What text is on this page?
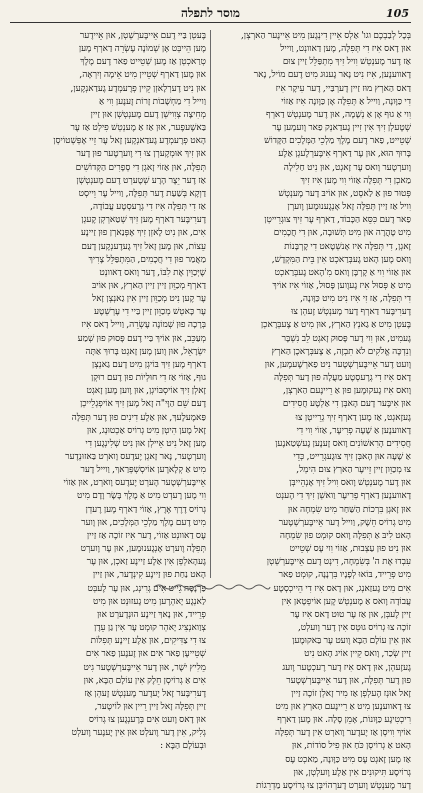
105
מוסר לתפלה
בְּכָל לְבַבְכֶם וגו' אַלְס אֵיין דִינְגֶען מִיט אֵיינֶער הַארְצְן,
אוּן דָאס אִיז דִי תְּפִלָּה, מֶען דַאוונְט, וַוייל
אַז דֶער מֶענְטְשׁ וִויל זִיךְ מִתְפַּלֵּל זַיין צוּם
דָאווענֶען, אִיז נִיט נָאר גֶענוּג מִיט דֶעם מוֹיל, נָאר
דַאס הַארְץ מוּז זַיין דֶערְבַּיי, דֶער עִיקָר אִיז
דִי כַּוָּונָה, וַוייל אַ תְּפִלָּה אָן כַּוָּונָה אִיז אַזוֹי
וִוי אַ גוּף אָן אַ נְשָׁמָה, אוּן דֶער מֶענְטְשׁ דַארְף
שְׁטֶעלְן זִיךְ אִין זִיין גֶעדַאנְק פַאר וֶועמֶען עֶר
שְׁטֵייט, פַאר דֶעם מֶלֶךְ מַלְכֵי הַמְּלָכִים הַקָּדוֹשׁ
בָּרוּךְ הוּא, אוּן עֶר דַארְף אִיבֶּערְלֶעגְן אַלֶע
וֶוערְטֶער וָואס עֶר זָאגְט, אוּן נִיט חַלִילָה
מַאכְן דִי תְּפִלָּה אַזוֹי וִוי מֶען אִיז זִיךְ
פְּטוּר פוּן אַ לַאסְט, אוּן אוֹיבּ דֶער מֶענְטְשׁ
וִויל אַז זַיין תְּפִלָּה זָאל אָנְגֶענוּמֶען וֶוערְן
פַאר דֶעם כִּסֵּא הַכָּבוֹד, דַארְף עֶר זִיךְ צוּגְרֵייטְן
מִיט טָהֳרָה אוּן מִיט תְּשׁוּבָה, אוּן דִי חֲכָמִים
זָאגְן, דִי תְּפִלָּה אִיז אָנשְׁטָאט דִי קָרְבָּנוֹת
וָואס מֶען הָאט גֶעבְּרַאכְט אִין בֵּית הַמִּקְדָשׁ,
אוּן אַזוֹי וִוי אַ קָרְבָּן וָואס מִ'הָאט גֶעבְּרַאכְט
מִיט אַ פְּסוּל אִיז גֶעוֶוען פָּסוּל, אַזוֹי אִיז אוֹיךְ
דִי תְּפִלָּה, אַז זִי אִיז נִיט מִיט כַּוָּונָה,
דֶערִיבֶּער דַארְף דֶער מֶענְטְשׁ זֶעהְן צוּ
בֶּעטְן מִיט אַ גַאנְץ הַארְץ, אוּן מִיט אַ צֶעבְּרָאכְן
גֶעמִיט, אוּן וִוי דֶער פָּסוּק זָאגְט לֵב נִשְׁבָּר
וְנִדְכֶּה אֱלֹקִים לֹא תִבְזֶה, אַ צֶעבְּרָאכֶן הַארְץ
וֶועט דֶער אֵייבֶּערְשְׁטֶער נִיט פַארְשֶׁעמֶען, אוּן
דָאס אִיז דִי גְרֶעסְטֶע מַעֲלָה פוּן דֶער תְּפִלָּה
וָואס אִיז גֶעקוּמֶען פוּן אַ רֵיינֶעם הַארְצְן,
אוּן אִיבֶּער דֶעם הָאבְּן דִי אַלְטֶע חֲסִידִים
גֶעזָאגְט, אַז מֶען דַארְף זִיךְ גְרֵייטְן צוּ
דָאווענֶען אַ שָׁעָה פְרִיעֶר, אַזוֹי וִוי דִי
חֲסִידִים הָרִאשׁוֹנִים וָואס זֶענֶען גֶעשְׁטַאנֶען
אַ שָׁעָה אוּן הָאבְּן זִיךְ צוּגֶעגְרֵייט, כְּדֵי
צוּ מְכַוֵּון זַיין זֵייעֶר הַארְץ צוּם הִימְל,
אוּן דֶער מֶענְטְשׁ וָואס וִויל זִיךְ אָנְהֵייבְּן
דָאווענֶען דַארְף פְרִיעֶר וַואשְׁן זִיךְ דִי הֶענְט
אוּן זָאגְן בִּרְכוֹת הַשַּׁחַר מִיט שִׂמְחָה אוּן
מִיט גְרוֹיס חֵשֶׁק, וַוייל דֶער אֵייבֶּערְשְׁטֶער
הָאט לִיבּ אַ תְּפִלָּה וָואס קוּמְט פוּן שִׂמְחָה
אוּן נִיט פוּן עַצְבוּת, אַזוֹי וִוי עֶס שְׁטֵייט
עִבְדוּ אֶת ה' בְּשִׂמְחָה, דִינְט דֶעם אֵייבֶּערְשְׁטְן
מִיט פְרֵייד, בּוֹאוּ לְפָנָיו בִּרְנָנָה, קוּמְט פַאר
אִים מִיט גֶעזַאנְג, אוּן דָאס אִיז דִי הֵייכְסְטֶע
עֲבוֹדָה וָואס אַ מֶענְטְשׁ קֶען אוֹיפְטָאן אִין
זַיין לֶעבְּן, אוּן אַז עֶר טוּט דָאס אִיז עֶר
זוֹכֶה צוּ גְרוֹיס גוּטְס אִין דֶער וֶועלְט,
אוּן אִין עוֹלָם הַבָּא וֶועט עֶר בַּאקוּמֶען
זַיין שְׂכַר, וָואס קֵיין אוֹיג הָאט נִיט
גֶעזֶעהְן, אוּן דָאס אִיז דֶער רֶעכְטֶער וֶועג
פוּן דֶער תְּפִלָּה, אוּן דֶער אֵייבֶּערְשְׁטֶער
זָאל אוּנְז הֶעלְפְן אַז מִיר זָאלְן זוֹכֶה זַיין
צוּ דָאווענֶען מִיט אַ רֵיינֶעם הַארְץ אוּן מִיט
רִיכְטִיגֶע כַּוָּונוֹת, אָמֵן סֶלָה. אוּן מֶען דַארְף
אוֹיךְ וִויסְן אַז יֶעדֶער וָוארְט אִין דֶער תְּפִלָּה
הָאט אַ גְרוֹיסְן כֹּחַ אוּן פִיל סוֹדוֹת, אוּן
אַז מֶען זָאגְט עֶס מִיט כַּוָּונָה, מַאכְט עֶס
גְרוֹיסֶע תִּיקוּנִים אִין אַלֶע וֶועלְטְן, אוּן
דֶער מֶענְטְשׁ וֶוערְט דֶערְהוֹיבְּן צוּ גְרוֹיסֶע מַדְרֵגוֹת
בֶּעטְן בַּיי דֶעם אֵייבֶּערְשְׁטְן, אוּן אֵיידֶער
מֶען הֵייבְּט אָן שְׁמוֹנֶה עֶשְׂרֵה דַארְף מֶען
טְרַאכְטְן אַז מֶען שְׁטֵייט פַאר דֶעם מֶלֶךְ
אוּן מֶען דַארְף שְׁטֵיין מִיט אֵימָה וְיִרְאָה,
אוּן נִיט דֶערְלָאזְן קֵיין פְרֶעמְדֶע גֶעדַאנְקֶען,
וַוייל דִי מַחְשָׁבוֹת זָרוֹת זֶענֶען וִוי אַ
מְחִיצָה צְוִוישְׁן דֶעם מֶענְטְשְׁן אוּן זַיין
בַּאשֶׁעפֶער, אוּן אַז אַ מֶענְטְשׁ פִילְט אַז עֶר
הָאט פְרֶעמְדֶע גֶעדַאנְקֶען זָאל עֶר זֵיי אָפְּשְׁטוֹיסְן
אוּן זִיךְ אוּמְקֶערְן צוּ דִי וֶוערְטֶער פוּן דֶער
תְּפִלָּה, אוּן אַזוֹי זָאגְן דִי סְפָרִים הַקְּדוֹשִׁים
אַז דֶער יֵצֶר הָרָע שְׁטֶערְט דֶעם מֶענְטְשְׁן
דַוְקָא בְּשַׁעַת דֶער תְּפִלָּה, וַוייל עֶר וֵייסְט
אַז דִי תְּפִלָּה אִיז דִי גְרֶעסְטֶע עֲבוֹדָה,
דֶערִיבֶּער דַארְף מֶען זִיךְ שְׁטַארְקְן קֶעגְן
אִים, אוּן נִיט לָאזְן זִיךְ אָפְּנַארְן פוּן זַיינֶע
עֵצוֹת, אוּן מֶען זָאל זִיךְ גֶעדֶענְקֶען דֶעם
מַאֲמַר פוּן דִי חֲכָמִים, הַמִּתְפַּלֵּל צָרִיךְ
שֶׁיְּכַוֵּין אֶת לִבּוֹ, דֶער וָואס דַאוונְט
דַארְף מְכַוֵּון זַיין זַיין הַארְץ, אוּן אוֹיבּ
עֶר קֶען נִיט מְכַוֵּון זַיין אִין גַאנְצְן זָאל
עֶר כָּאטְשׁ מְכַוֵּון זַיין בַּיי דִי עֶרְשְׁטֶע
בְּרָכָה פוּן שְׁמוֹנֶה עֶשְׂרֵה, וַוייל דָאס אִיז
מְעַכֵּב, אוּן אוֹיךְ בַּיי דֶעם פָּסוּק פוּן שְׁמַע
יִשְׂרָאֵל, אוּן וֶוען מֶען זָאגְט בָּרוּךְ אַתָּה
דַארְף מֶען זִיךְ בּוֹיגְן מִיט דֶעם גַאנְצְן
גוּף, אַזוֹי אַז דִי חוּלְיוֹת פוּן דֶעם רוּקְן
זָאלְן זִיךְ אוֹיסְבּוֹיגְן, אוּן וֶוען מֶען זָאגְט
דֶעם שֵׁם הַוָּי"ה זָאל מֶען זִיךְ אוֹיפְגְלֵייכְן
פַּאמֶעלֶעךְ, אוּן אַלֶע דִינִים פוּן דֶער תְּפִלָּה
זָאל מֶען הִיטְן מִיט גְרוֹיס אַכְטוּנְג, אוּן
מֶען זָאל נִיט אֵיילְן אוּן נִיט שְׁלִינְגֶען דִי
וֶוערְטֶער, נָאר זָאגְן יֶעדֶעס וָוארְט בַּאזוּנְדֶער
מִיט אַ קְלָארֶען אוֹיסְשְׁפְּרַאךְ, וַוייל דֶער
אֵייבֶּערְשְׁטֶער הֶערְט יֶעדֶעס וָוארְט, אוּן אַזוֹי
וִוי מֶען רֶעדְט מִיט אַ מֶלֶךְ בָּשָׂר וָדָם מִיט
גְרוֹיס דֶרֶךְ אֶרֶץ, אַזוֹי דַארְף מֶען רֶעדְן
מִיט דֶעם מֶלֶךְ מַלְכֵי הַמְּלָכִים, אוּן וֶוער
עֶס דַאוונְט אַזוֹי, דֶער אִיז זוֹכֶה אַז זַיין
תְּפִלָּה וֶוערְט אָנְגֶענוּמֶען, אוּן עֶר וֶוערְט
גֶעהָאלְפְן אִין אַלֶע זַיינֶע זַאכְן, אוּן עֶר
הָאט נַחַת פוּן זַיינֶע קִינְדֶער, אוּן זַיין
פַּרְנָסָה גֵייט אִים גְרִינְג, אוּן עֶר לֶעבְּט
לַאנְגֶע יָאהְרֶען מִיט גֶעזוּנְט אוּן מִיט
פְרֵייד, אוּן נָאךְ זַיינֶע הוּנְדֶערְט אוּן
צְוַואנְצִיג יָאהְר קוּמְט עֶר אִין גַן עֵדֶן
צוּ דִי צַדִּיקִים, אוּן אַלֶע זַיינֶע תְּפִלּוֹת
שְׁטֵייעֶן פַאר אִים אוּן זֶענֶען פַאר אִים
מֵלִיץ יֹשֶׁר, אוּן דֶער אֵייבֶּערְשְׁטֶער גִיט
אִים אַ גְרוֹיסְן חֵלֶק אִין עוֹלָם הַבָּא, אוּן
דֶערִיבֶּער זָאל יֶעדֶער מֶענְטְשׁ זֶעהְן אַז
זַיין תְּפִלָּה זָאל זַיין רֵיין אוּן לוֹיטֶער,
אוּן דָאס וֶועט אִים בְּרֶענְגֶען צוּ גְרוֹיס
גְלִיק, אִין דֶער וֶועלְט אוּן אִין יֶענֶער וֶועלְט
וּבְעוֹלָם הַבָּא :
